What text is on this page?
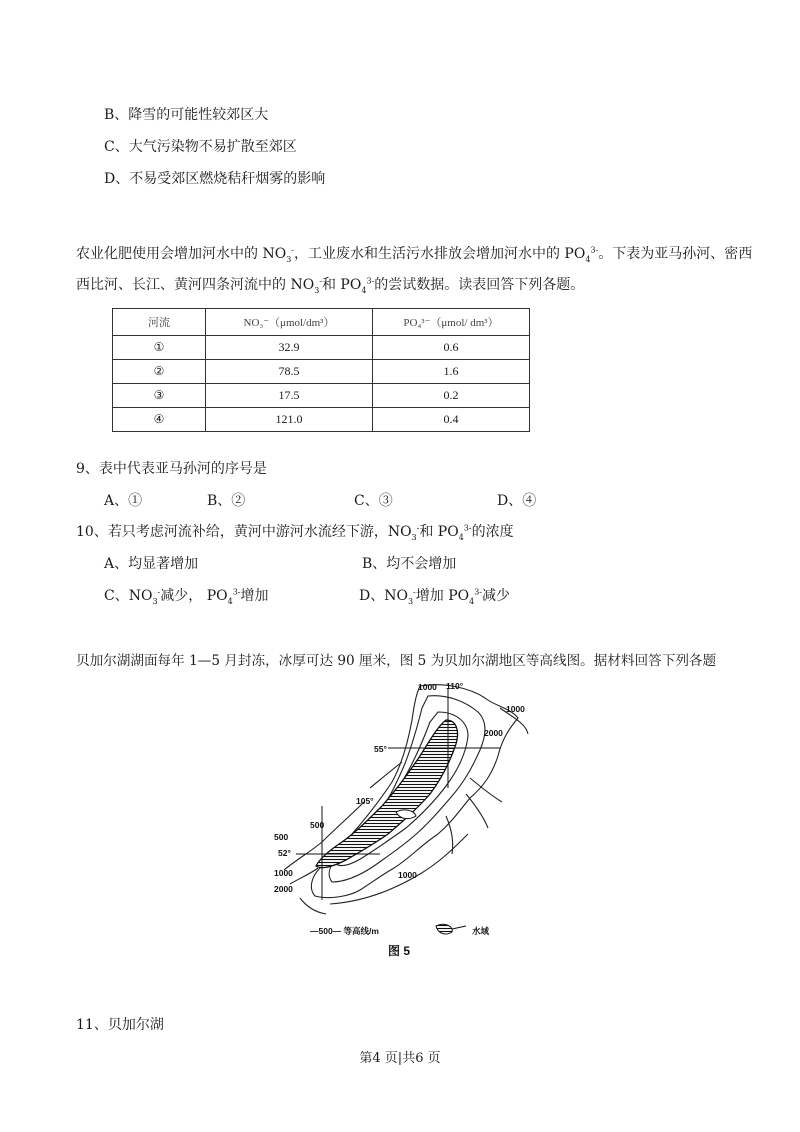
B、降雪的可能性较郊区大
C、大气污染物不易扩散至郊区
D、不易受郊区燃烧秸秆烟雾的影响
农业化肥使用会增加河水中的 $NO_3^-$，工业废水和生活污水排放会增加河水中的 $PO_4^{3-}$。下表为亚马孙河、密西
西比河、长江、黄河四条河流中的 $NO_3^-$和 $PO_4^{3-}$的尝试数据。读表回答下列各题。
河流	NO₃⁻（μmol/dm³）	PO₄³⁻（μmol/ dm³）
①	32.9	0.6
②	78.5	1.6
③	17.5	0.2
④	121.0	0.4
9、表中代表亚马孙河的序号是
A、①	B、②	C、③	D、④
10、若只考虑河流补给，黄河中游河水流经下游，$NO_3^-$和 $PO_4^{3-}$的浓度
A、均显著增加	B、均不会增加
C、$NO_3^-$减少， $PO_4^{3-}$增加	D、$NO_3^-$增加 $PO_4^{3-}$减少
贝加尔湖湖面每年 1—5 月封冻，冰厚可达 90 厘米，图 5 为贝加尔湖地区等高线图。据材料回答下列各题
1000 110°
1000
2000
55°
105°
500
500
52°
1000
2000
1000
—500— 等高线/m	水域
图 5
11、贝加尔湖
第4 页|共6 页
